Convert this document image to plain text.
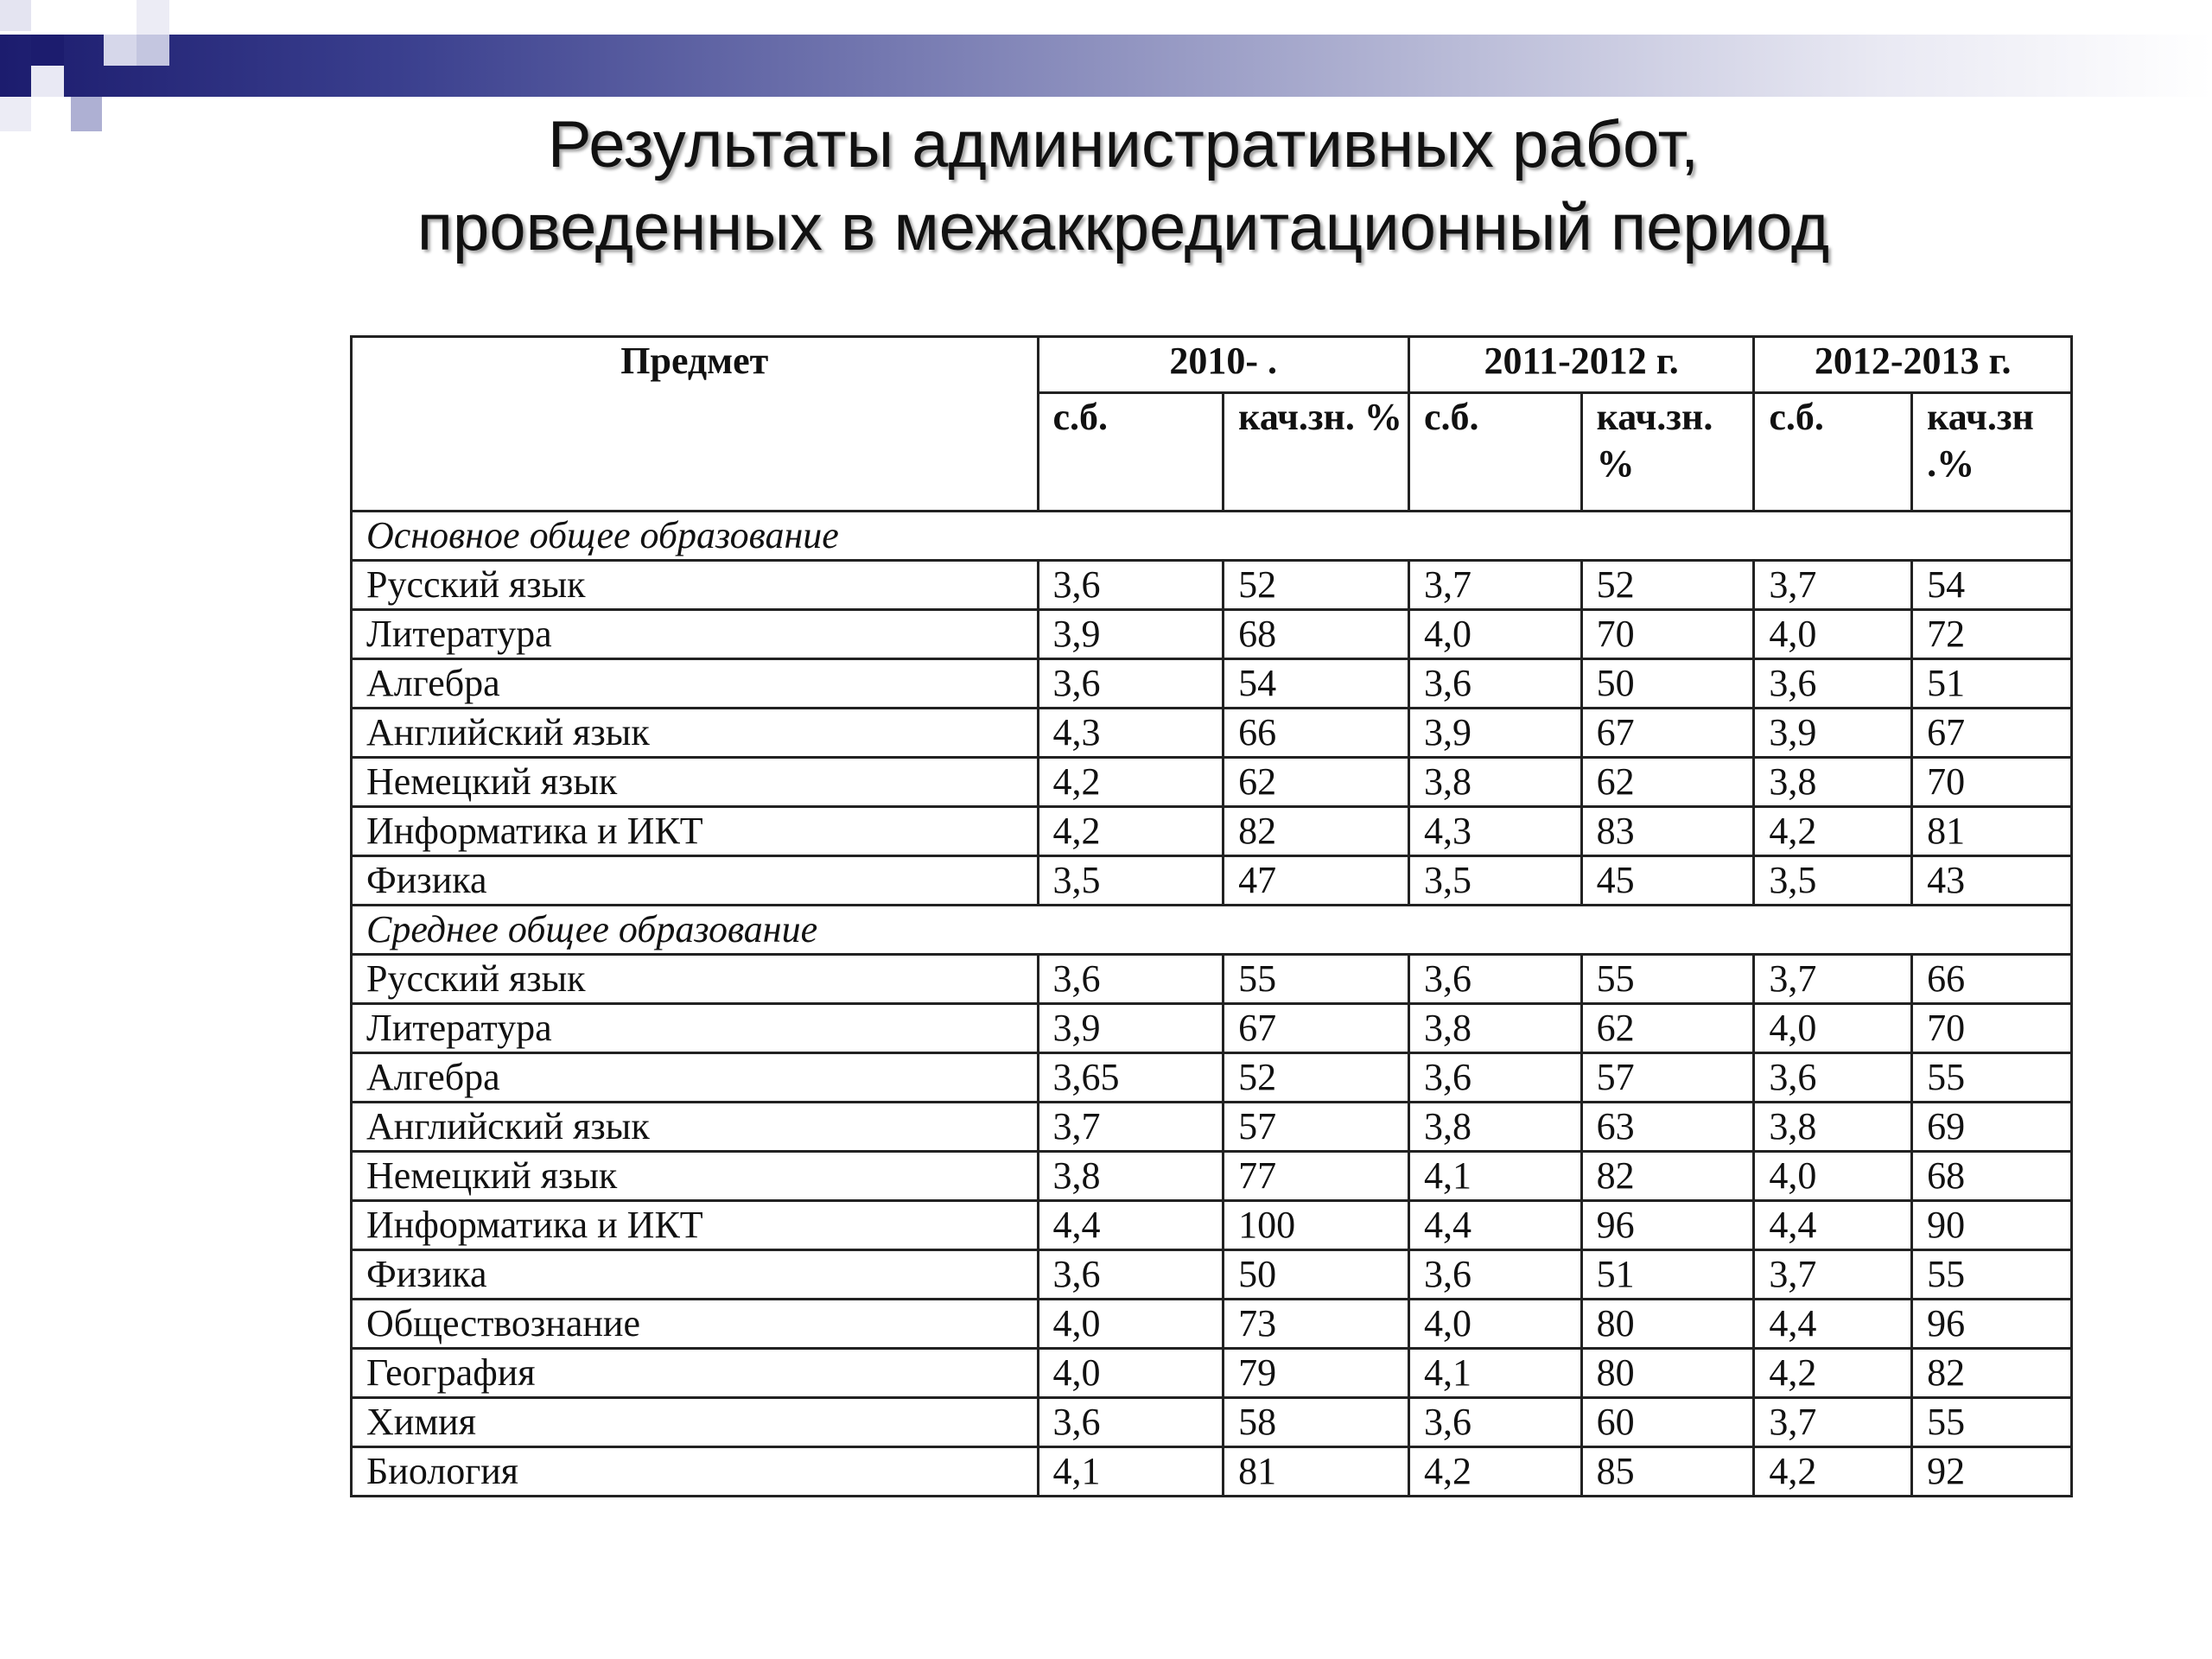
Результаты административных работ,
проведенных в межаккредитационный период
Предмет	2010- .		2011-2012 г.		2012-2013 г.	
	с.б.	кач.зн. %	с.б.	кач.зн. %	с.б.	кач.зн .%
Основное общее образование						
Русский язык	3,6	52	3,7	52	3,7	54
Литература	3,9	68	4,0	70	4,0	72
Алгебра	3,6	54	3,6	50	3,6	51
Английский язык	4,3	66	3,9	67	3,9	67
Немецкий язык	4,2	62	3,8	62	3,8	70
Информатика и ИКТ	4,2	82	4,3	83	4,2	81
Физика	3,5	47	3,5	45	3,5	43
Среднее общее образование						
Русский язык	3,6	55	3,6	55	3,7	66
Литература	3,9	67	3,8	62	4,0	70
Алгебра	3,65	52	3,6	57	3,6	55
Английский язык	3,7	57	3,8	63	3,8	69
Немецкий язык	3,8	77	4,1	82	4,0	68
Информатика и ИКТ	4,4	100	4,4	96	4,4	90
Физика	3,6	50	3,6	51	3,7	55
Обществознание	4,0	73	4,0	80	4,4	96
География	4,0	79	4,1	80	4,2	82
Химия	3,6	58	3,6	60	3,7	55
Биология	4,1	81	4,2	85	4,2	92
